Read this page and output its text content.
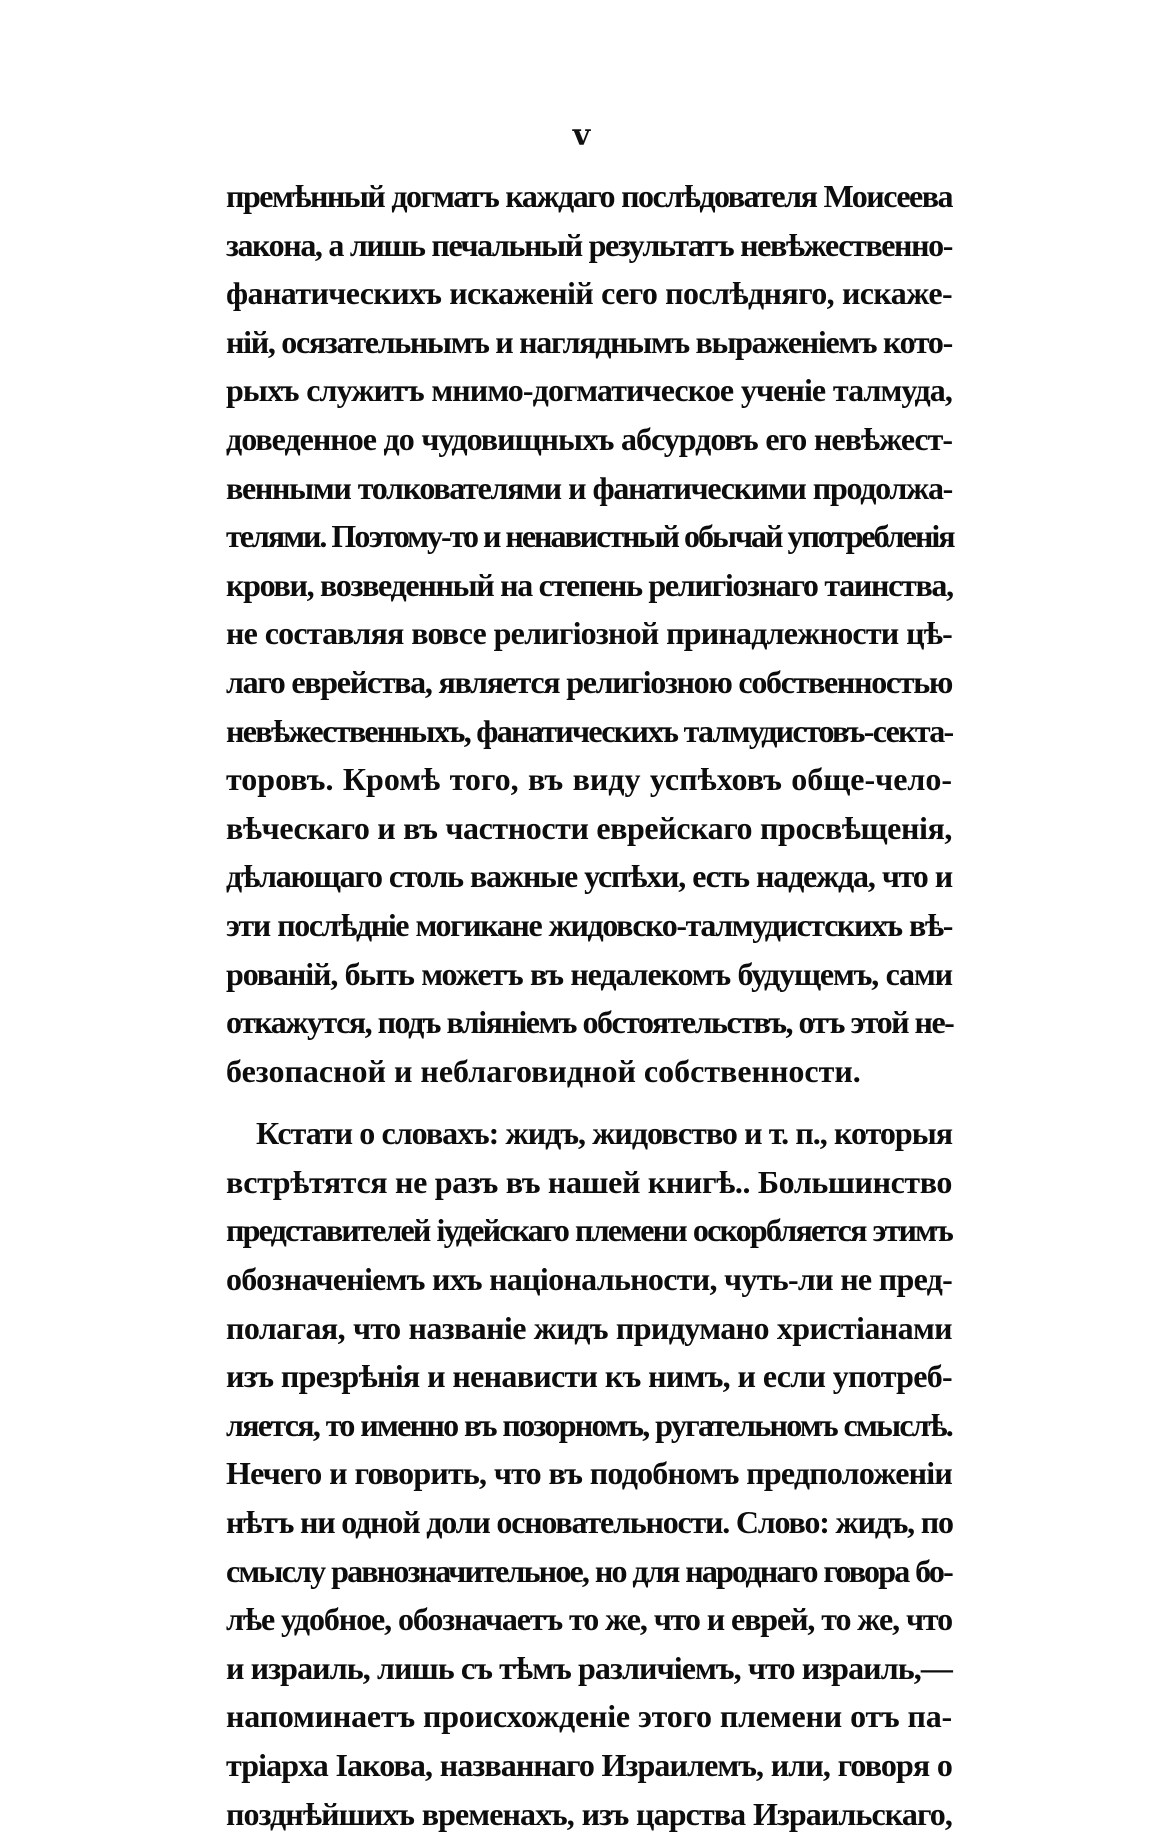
v
премѣнный догматъ каждаго послѣдователя Моисеева
закона, а лишь печальный результатъ невѣжественно-
фанатическихъ искаженій сего послѣдняго, искаже-
ній, осязательнымъ и нагляднымъ выраженіемъ кото-
рыхъ служитъ мнимо-догматическое ученіе талмуда,
доведенное до чудовищныхъ абсурдовъ его невѣжест-
венными толкователями и фанатическими продолжа-
телями. Поэтому-то и ненавистный обычай употребленія
крови, возведенный на степень религіознаго таинства,
не составляя вовсе религіозной принадлежности цѣ-
лаго еврейства, является религіозною собственностью
невѣжественныхъ, фанатическихъ талмудистовъ-секта-
торовъ. Кромѣ того, въ виду успѣховъ обще-чело-
вѣческаго и въ частности еврейскаго просвѣщенія,
дѣлающаго столь важные успѣхи, есть надежда, что и
эти послѣдніе могикане жидовско-талмудистскихъ вѣ-
рованій, быть можетъ въ недалекомъ будущемъ, сами
откажутся, подъ вліяніемъ обстоятельствъ, отъ этой не-
безопасной и неблаговидной собственности.
Кстати о словахъ: жидъ, жидовство и т. п., которыя
встрѣтятся не разъ въ нашей книгѣ.. Большинство
представителей іудейскаго племени оскорбляется этимъ
обозначеніемъ ихъ національности, чуть-ли не пред-
полагая, что названіе жидъ придумано христіанами
изъ презрѣнія и ненависти къ нимъ, и если употреб-
ляется, то именно въ позорномъ, ругательномъ смыслѣ.
Нечего и говорить, что въ подобномъ предположеніи
нѣтъ ни одной доли основательности. Слово: жидъ, по
смыслу равнозначительное, но для народнаго говора бо-
лѣе удобное, обозначаетъ то же, что и еврей, то же, что
и израиль, лишь съ тѣмъ различіемъ, что израиль,—
напоминаетъ происхожденіе этого племени отъ па-
тріарха Іакова, названнаго Израилемъ, или, говоря о
позднѣйшихъ временахъ, изъ царства Израильскаго,
